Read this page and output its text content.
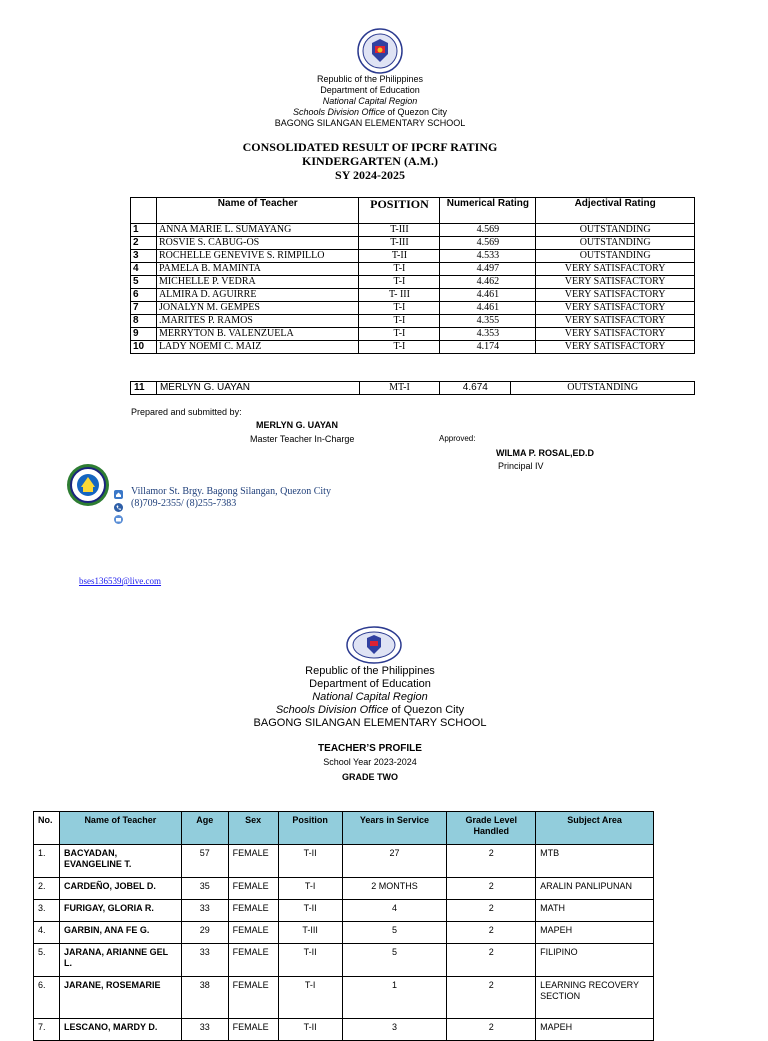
Republic of the Philippines
Department of Education
National Capital Region
Schools Division Office of Quezon City
BAGONG SILANGAN ELEMENTARY SCHOOL
CONSOLIDATED RESULT OF IPCRF RATING
KINDERGARTEN (A.M.)
SY 2024-2025
	Name of Teacher	POSITION	Numerical Rating	Adjectival Rating
1	ANNA MARIE L. SUMAYANG	T-III	4.569	OUTSTANDING
2	ROSVIE S. CABUG-OS	T-III	4.569	OUTSTANDING
3	ROCHELLE GENEVIVE S. RIMPILLO	T-II	4.533	OUTSTANDING
4	PAMELA B. MAMINTA	T-I	4.497	VERY SATISFACTORY
5	MICHELLE P. VEDRA	T-I	4.462	VERY SATISFACTORY
6	ALMIRA D. AGUIRRE	T- III	4.461	VERY SATISFACTORY
7	JONALYN M. GEMPES	T-I	4.461	VERY SATISFACTORY
8	.MARITES P. RAMOS	T-I	4.355	VERY SATISFACTORY
9	MERRYTON B. VALENZUELA	T-I	4.353	VERY SATISFACTORY
10	LADY NOEMI C. MAIZ	T-I	4.174	VERY SATISFACTORY
11	MERLYN G. UAYAN	MT-I	4.674	OUTSTANDING
Prepared and submitted by:
MERLYN G. UAYAN
Master Teacher In-Charge	Approved:
WILMA P. ROSAL,ED.D
Principal IV
Villamor St. Brgy. Bagong Silangan, Quezon City
(8)709-2355/ (8)255-7383
bses136539@live.com
Republic of the Philippines
Department of Education
National Capital Region
Schools Division Office of Quezon City
BAGONG SILANGAN ELEMENTARY SCHOOL
TEACHER’S PROFILE
School Year 2023-2024
GRADE TWO
No.	Name of Teacher	Age	Sex	Position	Years in Service	Grade Level Handled	Subject Area
1.	BACYADAN, EVANGELINE T.	57	FEMALE	T-II	27	2	MTB
2.	CARDEÑO, JOBEL D.	35	FEMALE	T-I	2 MONTHS	2	ARALIN PANLIPUNAN
3.	FURIGAY, GLORIA R.	33	FEMALE	T-II	4	2	MATH
4.	GARBIN, ANA FE G.	29	FEMALE	T-III	5	2	MAPEH
5.	JARANA, ARIANNE GEL L.	33	FEMALE	T-II	5	2	FILIPINO
6.	JARANE, ROSEMARIE	38	FEMALE	T-I	1	2	LEARNING RECOVERY SECTION
7.	LESCANO, MARDY D.	33	FEMALE	T-II	3	2	MAPEH
